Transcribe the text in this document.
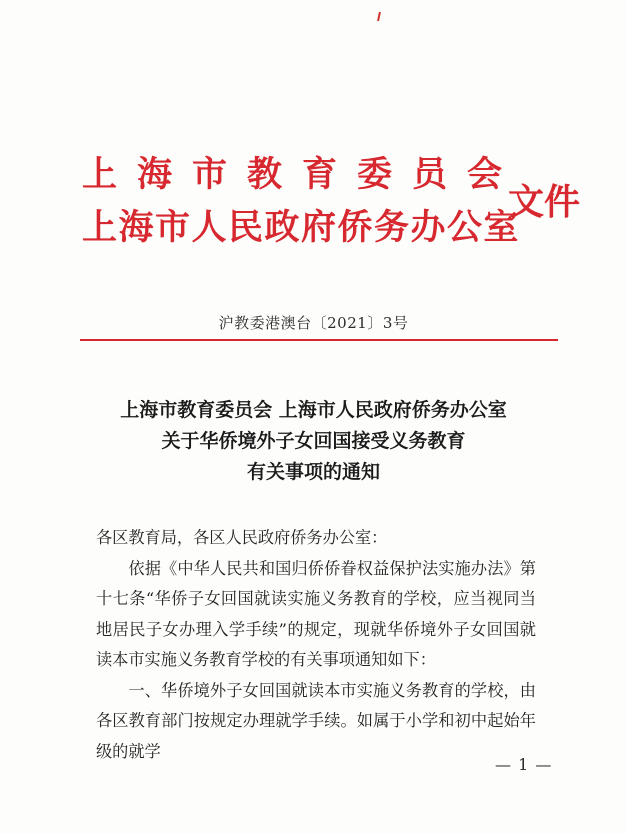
上海市教育委员会
上海市人民政府侨务办公室
文件
沪教委港澳台〔2021〕3号
上海市教育委员会 上海市人民政府侨务办公室
关于华侨境外子女回国接受义务教育
有关事项的通知

各区教育局，各区人民政府侨务办公室：

依据《中华人民共和国归侨侨眷权益保护法实施办法》第十七条“华侨子女回国就读实施义务教育的学校，应当视同当地居民子女办理入学手续”的规定，现就华侨境外子女回国就读本市实施义务教育学校的有关事项通知如下：

一、华侨境外子女回国就读本市实施义务教育的学校，由各区教育部门按规定办理就学手续。如属于小学和初中起始年级的就学

— 1 —
